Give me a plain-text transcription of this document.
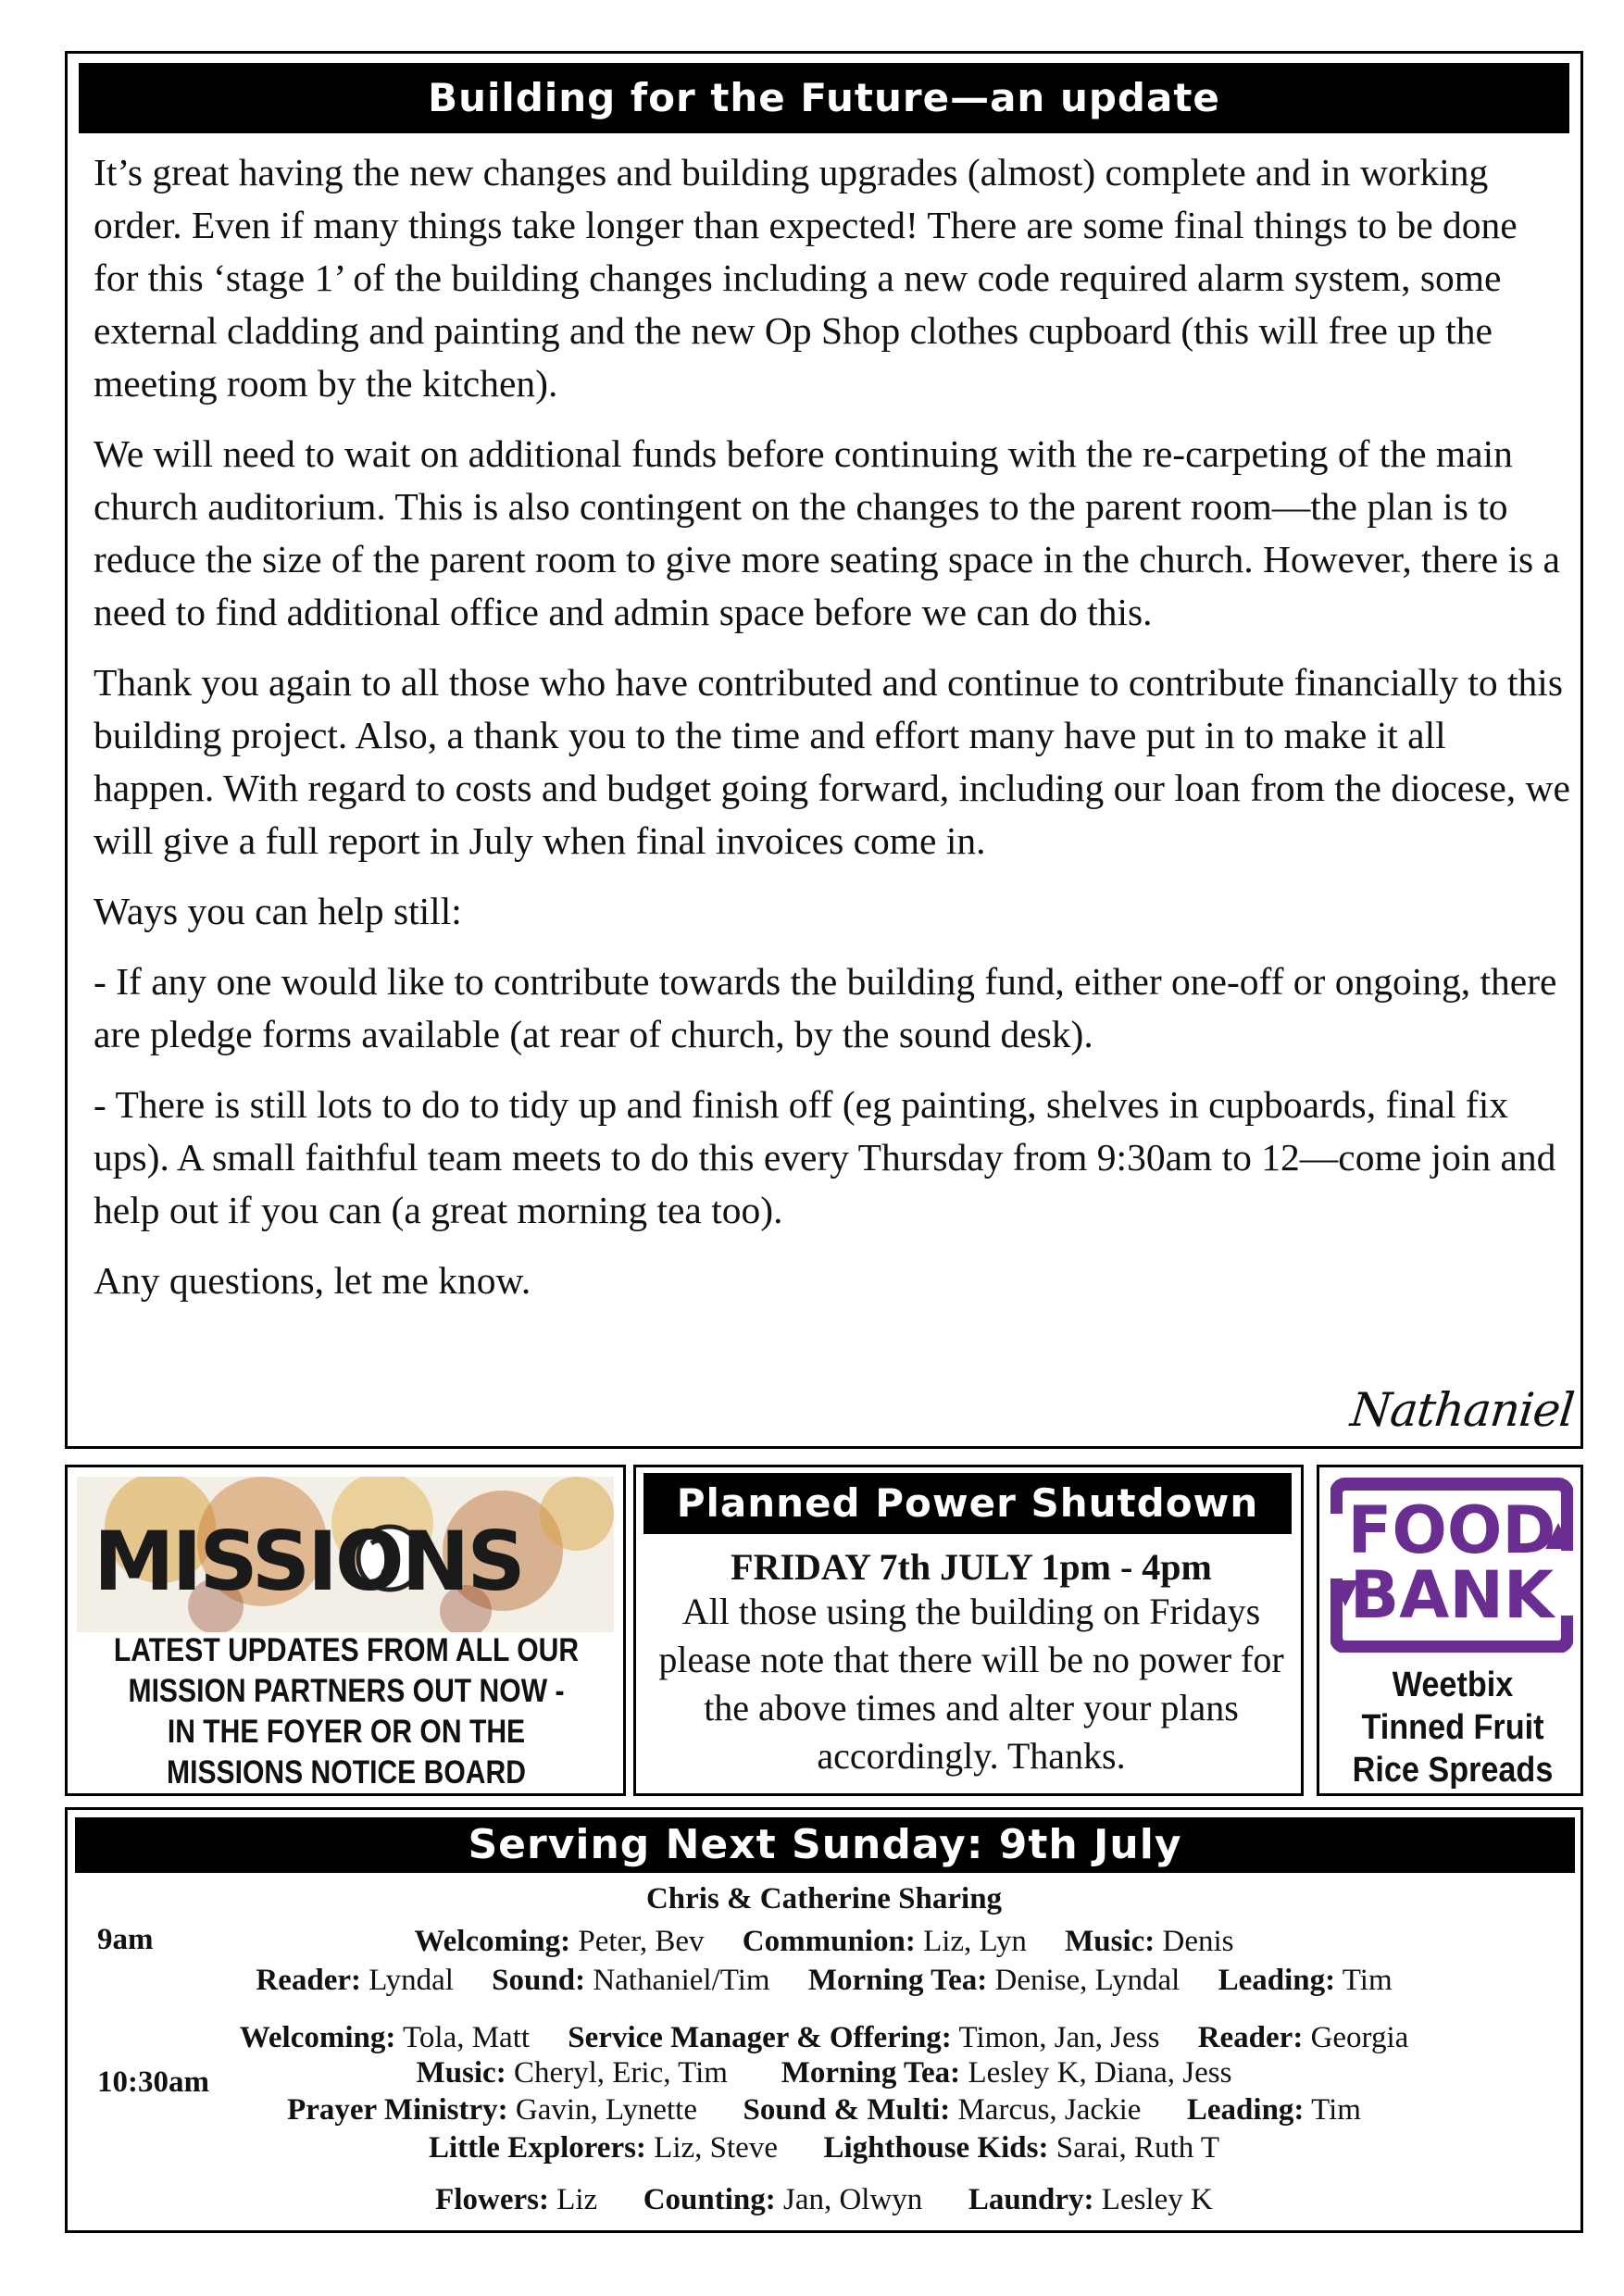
Building for the Future—an update

It’s great having the new changes and building upgrades (almost) complete and in working order. Even if many things take longer than expected! There are some final things to be done for this ‘stage 1’ of the building changes including a new code required alarm system, some external cladding and painting and the new Op Shop clothes cupboard (this will free up the meeting room by the kitchen).

We will need to wait on additional funds before continuing with the re-carpeting of the main church auditorium. This is also contingent on the changes to the parent room—the plan is to reduce the size of the parent room to give more seating space in the church. However, there is a need to find additional office and admin space before we can do this.

Thank you again to all those who have contributed and continue to contribute financially to this building project. Also, a thank you to the time and effort many have put in to make it all happen. With regard to costs and budget going forward, including our loan from the diocese, we will give a full report in July when final invoices come in.

Ways you can help still:

- If any one would like to contribute towards the building fund, either one-off or ongoing, there are pledge forms available (at rear of church, by the sound desk).

- There is still lots to do to tidy up and finish off (eg painting, shelves in cupboards, final fix ups). A small faithful team meets to do this every Thursday from 9:30am to 12—come join and help out if you can (a great morning tea too).

Any questions, let me know.

Nathaniel
MISSIONS
LATEST UPDATES FROM ALL OUR MISSION PARTNERS OUT NOW - IN THE FOYER OR ON THE MISSIONS NOTICE BOARD
Planned Power Shutdown
FRIDAY 7th JULY 1pm - 4pm
All those using the building on Fridays please note that there will be no power for the above times and alter your plans accordingly. Thanks.
FOOD
BANK
Weetbix
Tinned Fruit
Rice Spreads
Serving Next Sunday: 9th July
Chris & Catherine Sharing
9am	Welcoming: Peter, Bev Communion: Liz, Lyn Music: Denis
Reader: Lyndal Sound: Nathaniel/Tim Morning Tea: Denise, Lyndal Leading: Tim
10:30am
Welcoming: Tola, Matt Service Manager & Offering: Timon, Jan, Jess Reader: Georgia
Music: Cheryl, Eric, Tim Morning Tea: Lesley K, Diana, Jess
Prayer Ministry: Gavin, Lynette Sound & Multi: Marcus, Jackie Leading: Tim
Little Explorers: Liz, Steve Lighthouse Kids: Sarai, Ruth T
Flowers: Liz Counting: Jan, Olwyn Laundry: Lesley K
